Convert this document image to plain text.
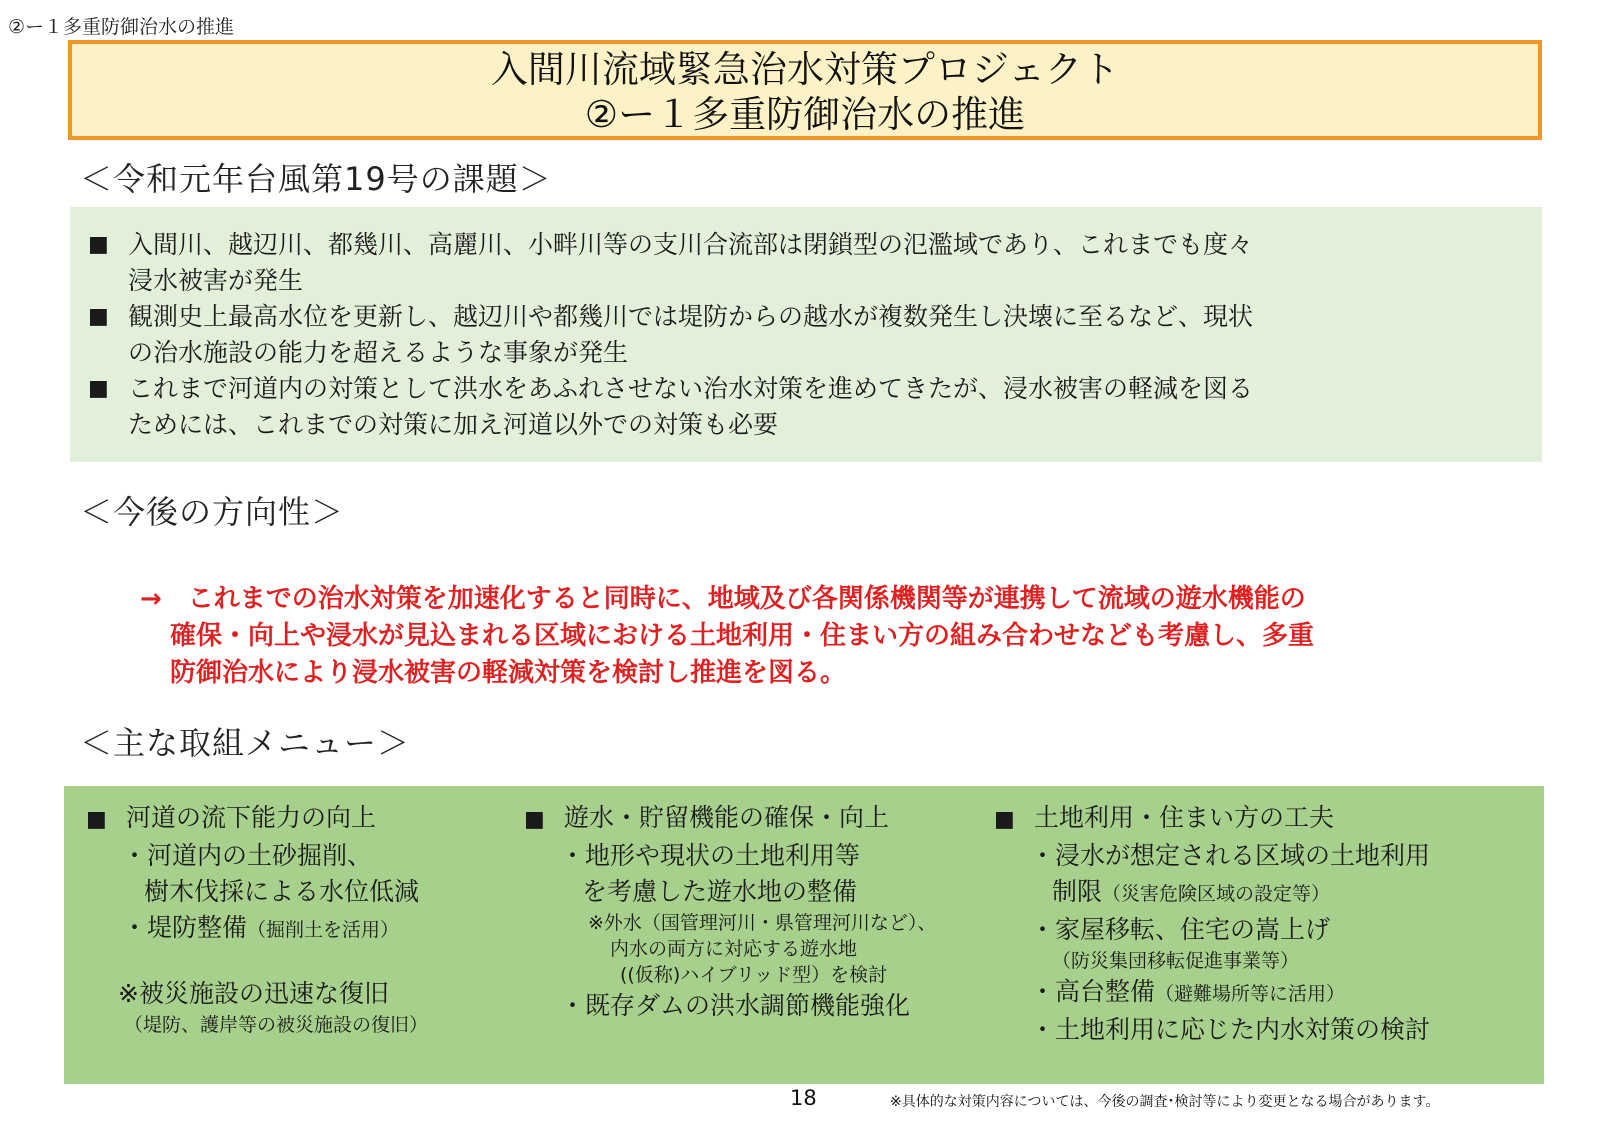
②ー１多重防御治水の推進
入間川流域緊急治水対策プロジェクト
②ー１多重防御治水の推進
＜令和元年台風第19号の課題＞
■ 入間川、越辺川、都幾川、高麗川、小畔川等の支川合流部は閉鎖型の氾濫域であり、これまでも度々
浸水被害が発生
■ 観測史上最高水位を更新し、越辺川や都幾川では堤防からの越水が複数発生し決壊に至るなど、現状
の治水施設の能力を超えるような事象が発生
■ これまで河道内の対策として洪水をあふれさせない治水対策を進めてきたが、浸水被害の軽減を図る
ためには、これまでの対策に加え河道以外での対策も必要
＜今後の方向性＞
→　これまでの治水対策を加速化すると同時に、地域及び各関係機関等が連携して流域の遊水機能の
確保・向上や浸水が見込まれる区域における土地利用・住まい方の組み合わせなども考慮し、多重
防御治水により浸水被害の軽減対策を検討し推進を図る。
＜主な取組メニュー＞
■ 河道の流下能力の向上
・河道内の土砂掘削、
樹木伐採による水位低減
・堤防整備（掘削土を活用）
※被災施設の迅速な復旧
（堤防、護岸等の被災施設の復旧）
■ 遊水・貯留機能の確保・向上
・地形や現状の土地利用等
を考慮した遊水地の整備
※外水（国管理河川・県管理河川など）、
内水の両方に対応する遊水地
((仮称)ハイブリッド型）を検討
・既存ダムの洪水調節機能強化
■ 土地利用・住まい方の工夫
・浸水が想定される区域の土地利用
制限（災害危険区域の設定等）
・家屋移転、住宅の嵩上げ
（防災集団移転促進事業等）
・高台整備（避難場所等に活用）
・土地利用に応じた内水対策の検討
18	※具体的な対策内容については、今後の調査･検討等により変更となる場合があります。
